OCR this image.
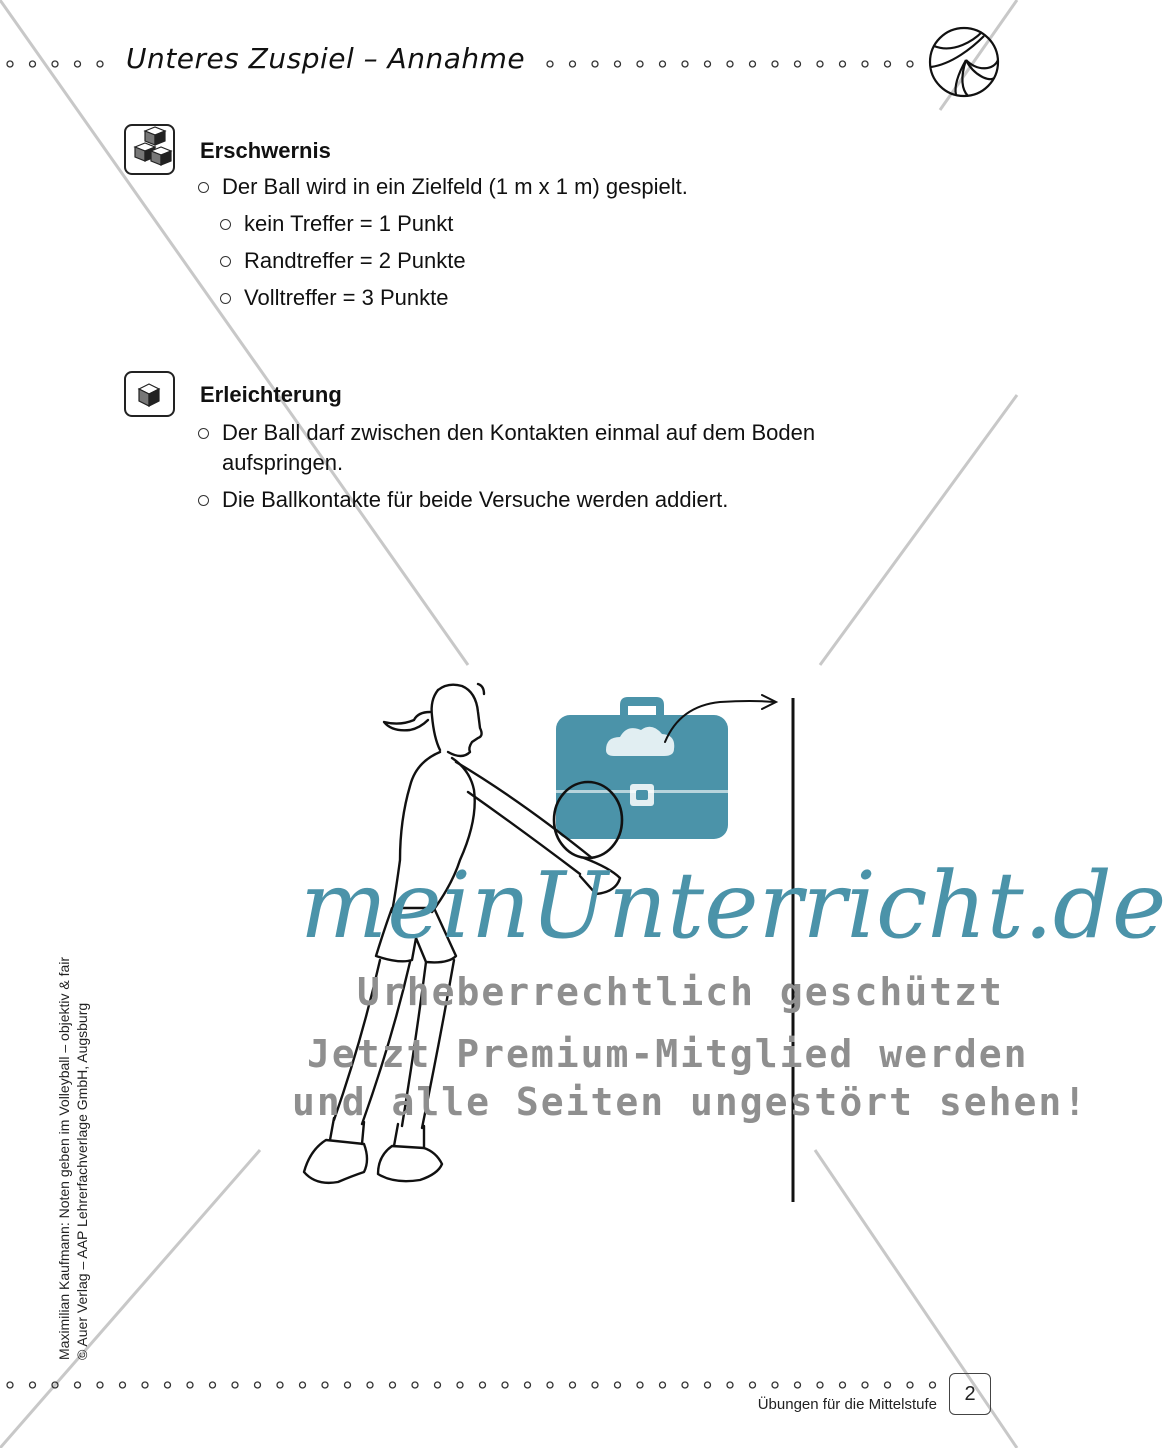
Unteres Zuspiel – Annahme
Erschwernis
Der Ball wird in ein Zielfeld (1 m x 1 m) gespielt.
kein Treffer = 1 Punkt
Randtreffer = 2 Punkte
Volltreffer = 3 Punkte
Erleichterung
Der Ball darf zwischen den Kontakten einmal auf dem Boden aufspringen.
Die Ballkontakte für beide Versuche werden addiert.
meinUnterricht.de
Urheberrechtlich geschützt
Jetzt Premium-Mitglied werden
und alle Seiten ungestört sehen!
Maximilian Kaufmann: Noten geben im Volleyball – objektiv & fair © Auer Verlag – AAP Lehrerfachverlage GmbH, Augsburg
Übungen für die Mittelstufe	2
